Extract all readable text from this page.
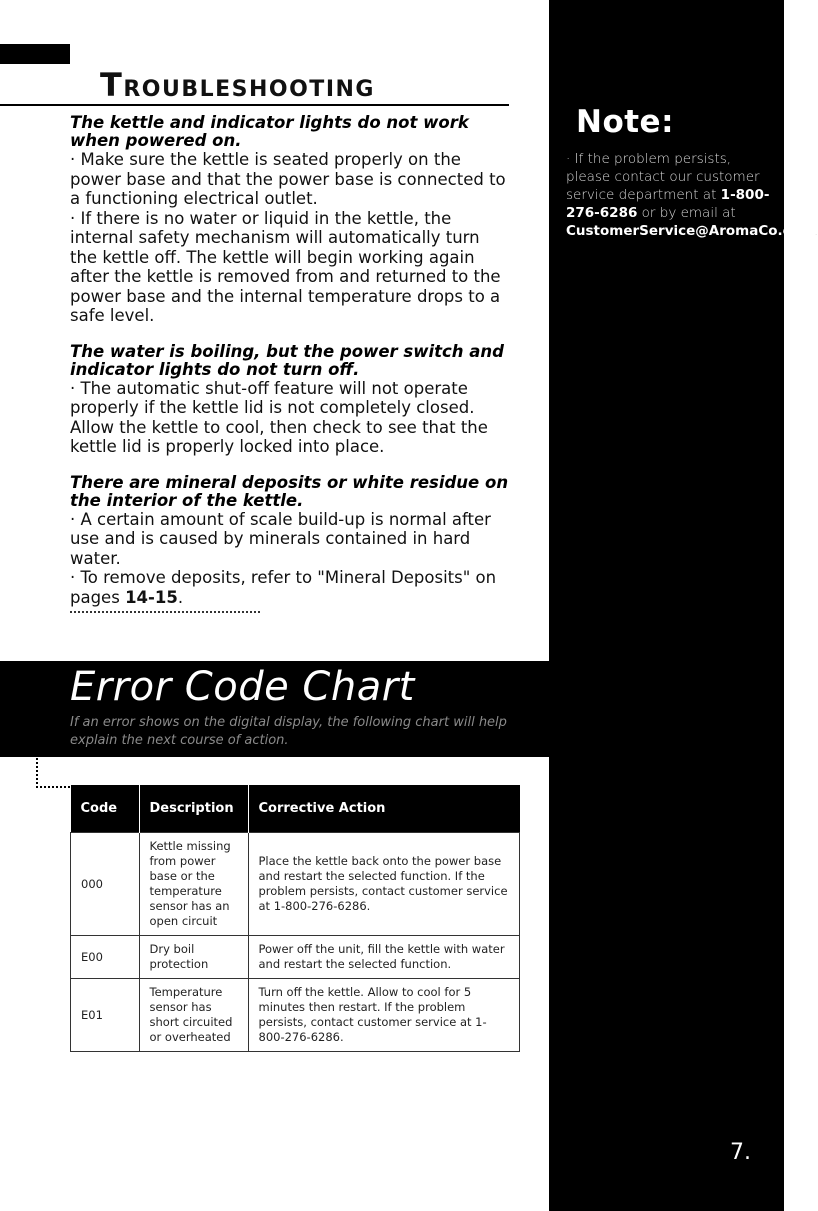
Troubleshooting

The kettle and indicator lights do not work when powered on.

· Make sure the kettle is seated properly on the power base and that the power base is connected to a functioning electrical outlet.

· If there is no water or liquid in the kettle, the internal safety mechanism will automatically turn the kettle off. The kettle will begin working again after the kettle is removed from and returned to the power base and the internal temperature drops to a safe level.

The water is boiling, but the power switch and indicator lights do not turn off.

· The automatic shut-off feature will not operate properly if the kettle lid is not completely closed. Allow the kettle to cool, then check to see that the kettle lid is properly locked into place.

There are mineral deposits or white residue on the interior of the kettle.

· A certain amount of scale build-up is normal after use and is caused by minerals contained in hard water.

· To remove deposits, refer to "Mineral Deposits" on pages 14-15.

Error Code Chart
If an error shows on the digital display, the following chart will help explain the next course of action.
Code	Description	Corrective Action
000	Kettle missing from power base or the temperature sensor has an open circuit	Place the kettle back onto the power base and restart the selected function. If the problem persists, contact customer service at 1-800-276-6286.
E00	Dry boil protection	Power off the unit, fill the kettle with water and restart the selected function.
E01	Temperature sensor has short circuited or overheated	Turn off the kettle. Allow to cool for 5 minutes then restart. If the problem persists, contact customer service at 1-800-276-6286.
Note:
· If the problem persists, please contact our customer service department at 1-800-276-6286 or by email at CustomerService@AromaCo.com.
7.
